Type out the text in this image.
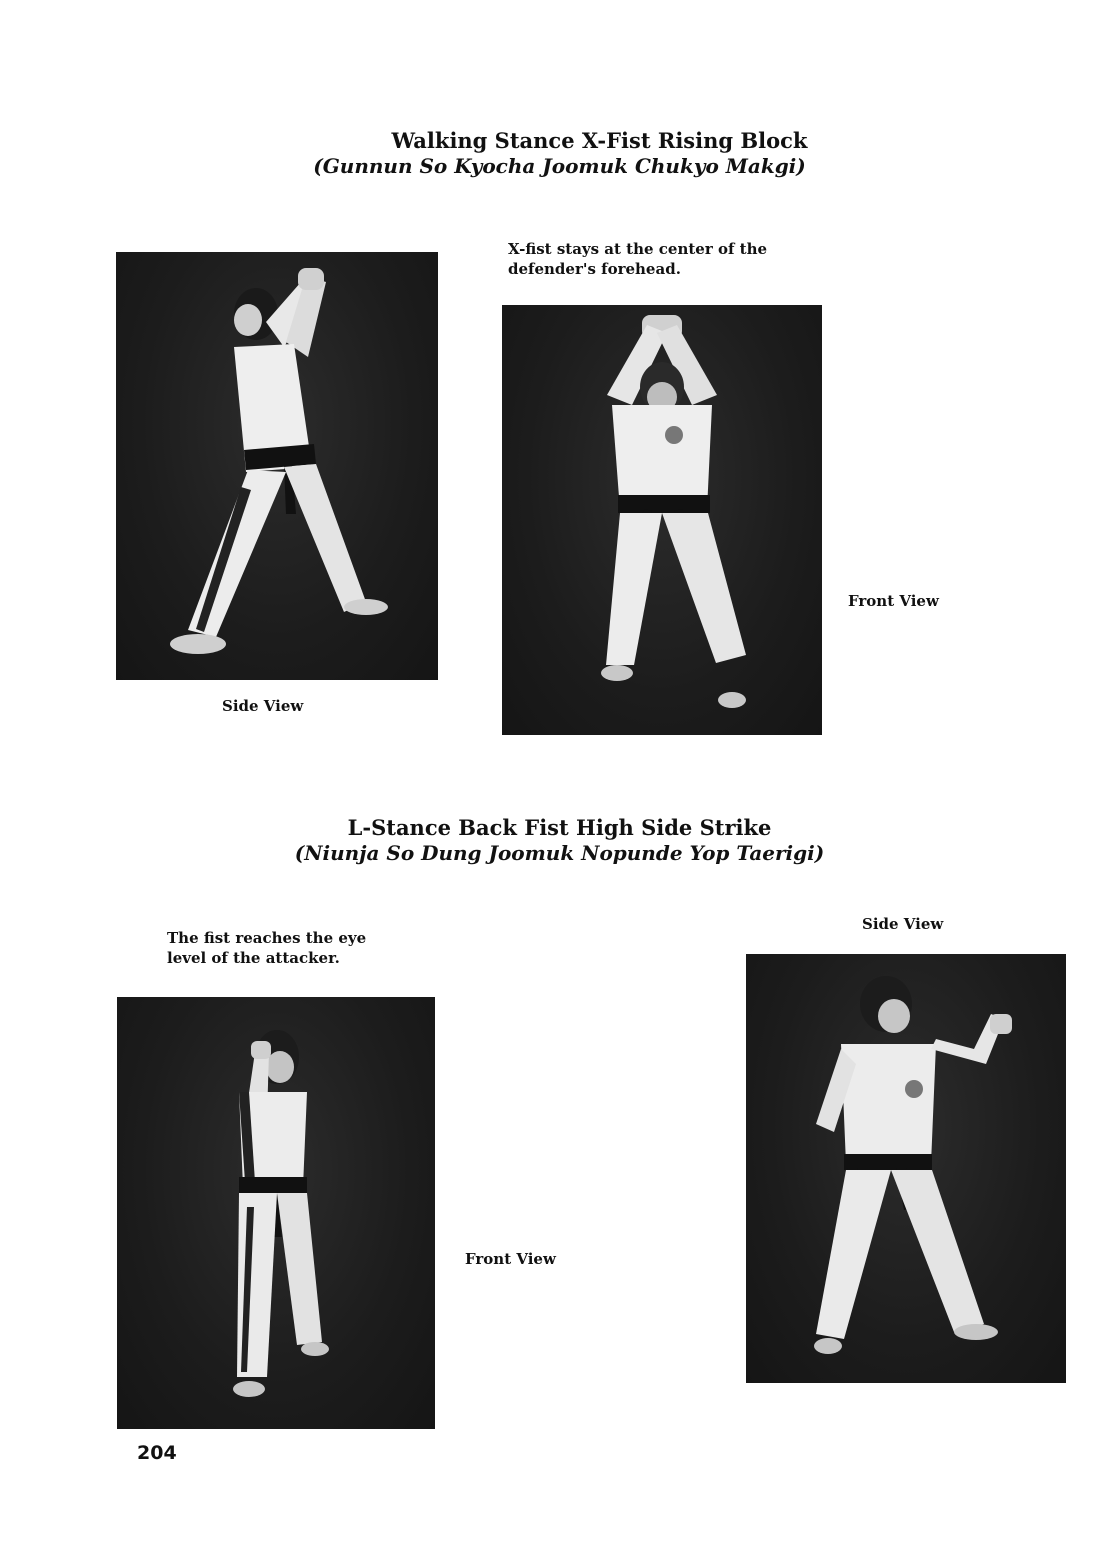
Walking Stance X-Fist Rising Block
(Gunnun So Kyocha Joomuk Chukyo Makgi)
X-fist stays at the center of the
defender's forehead.
Side View
Front View
L-Stance Back Fist High Side Strike
(Niunja So Dung Joomuk Nopunde Yop Taerigi)
The fist reaches the eye
level of the attacker.
Side View
Front View
204
